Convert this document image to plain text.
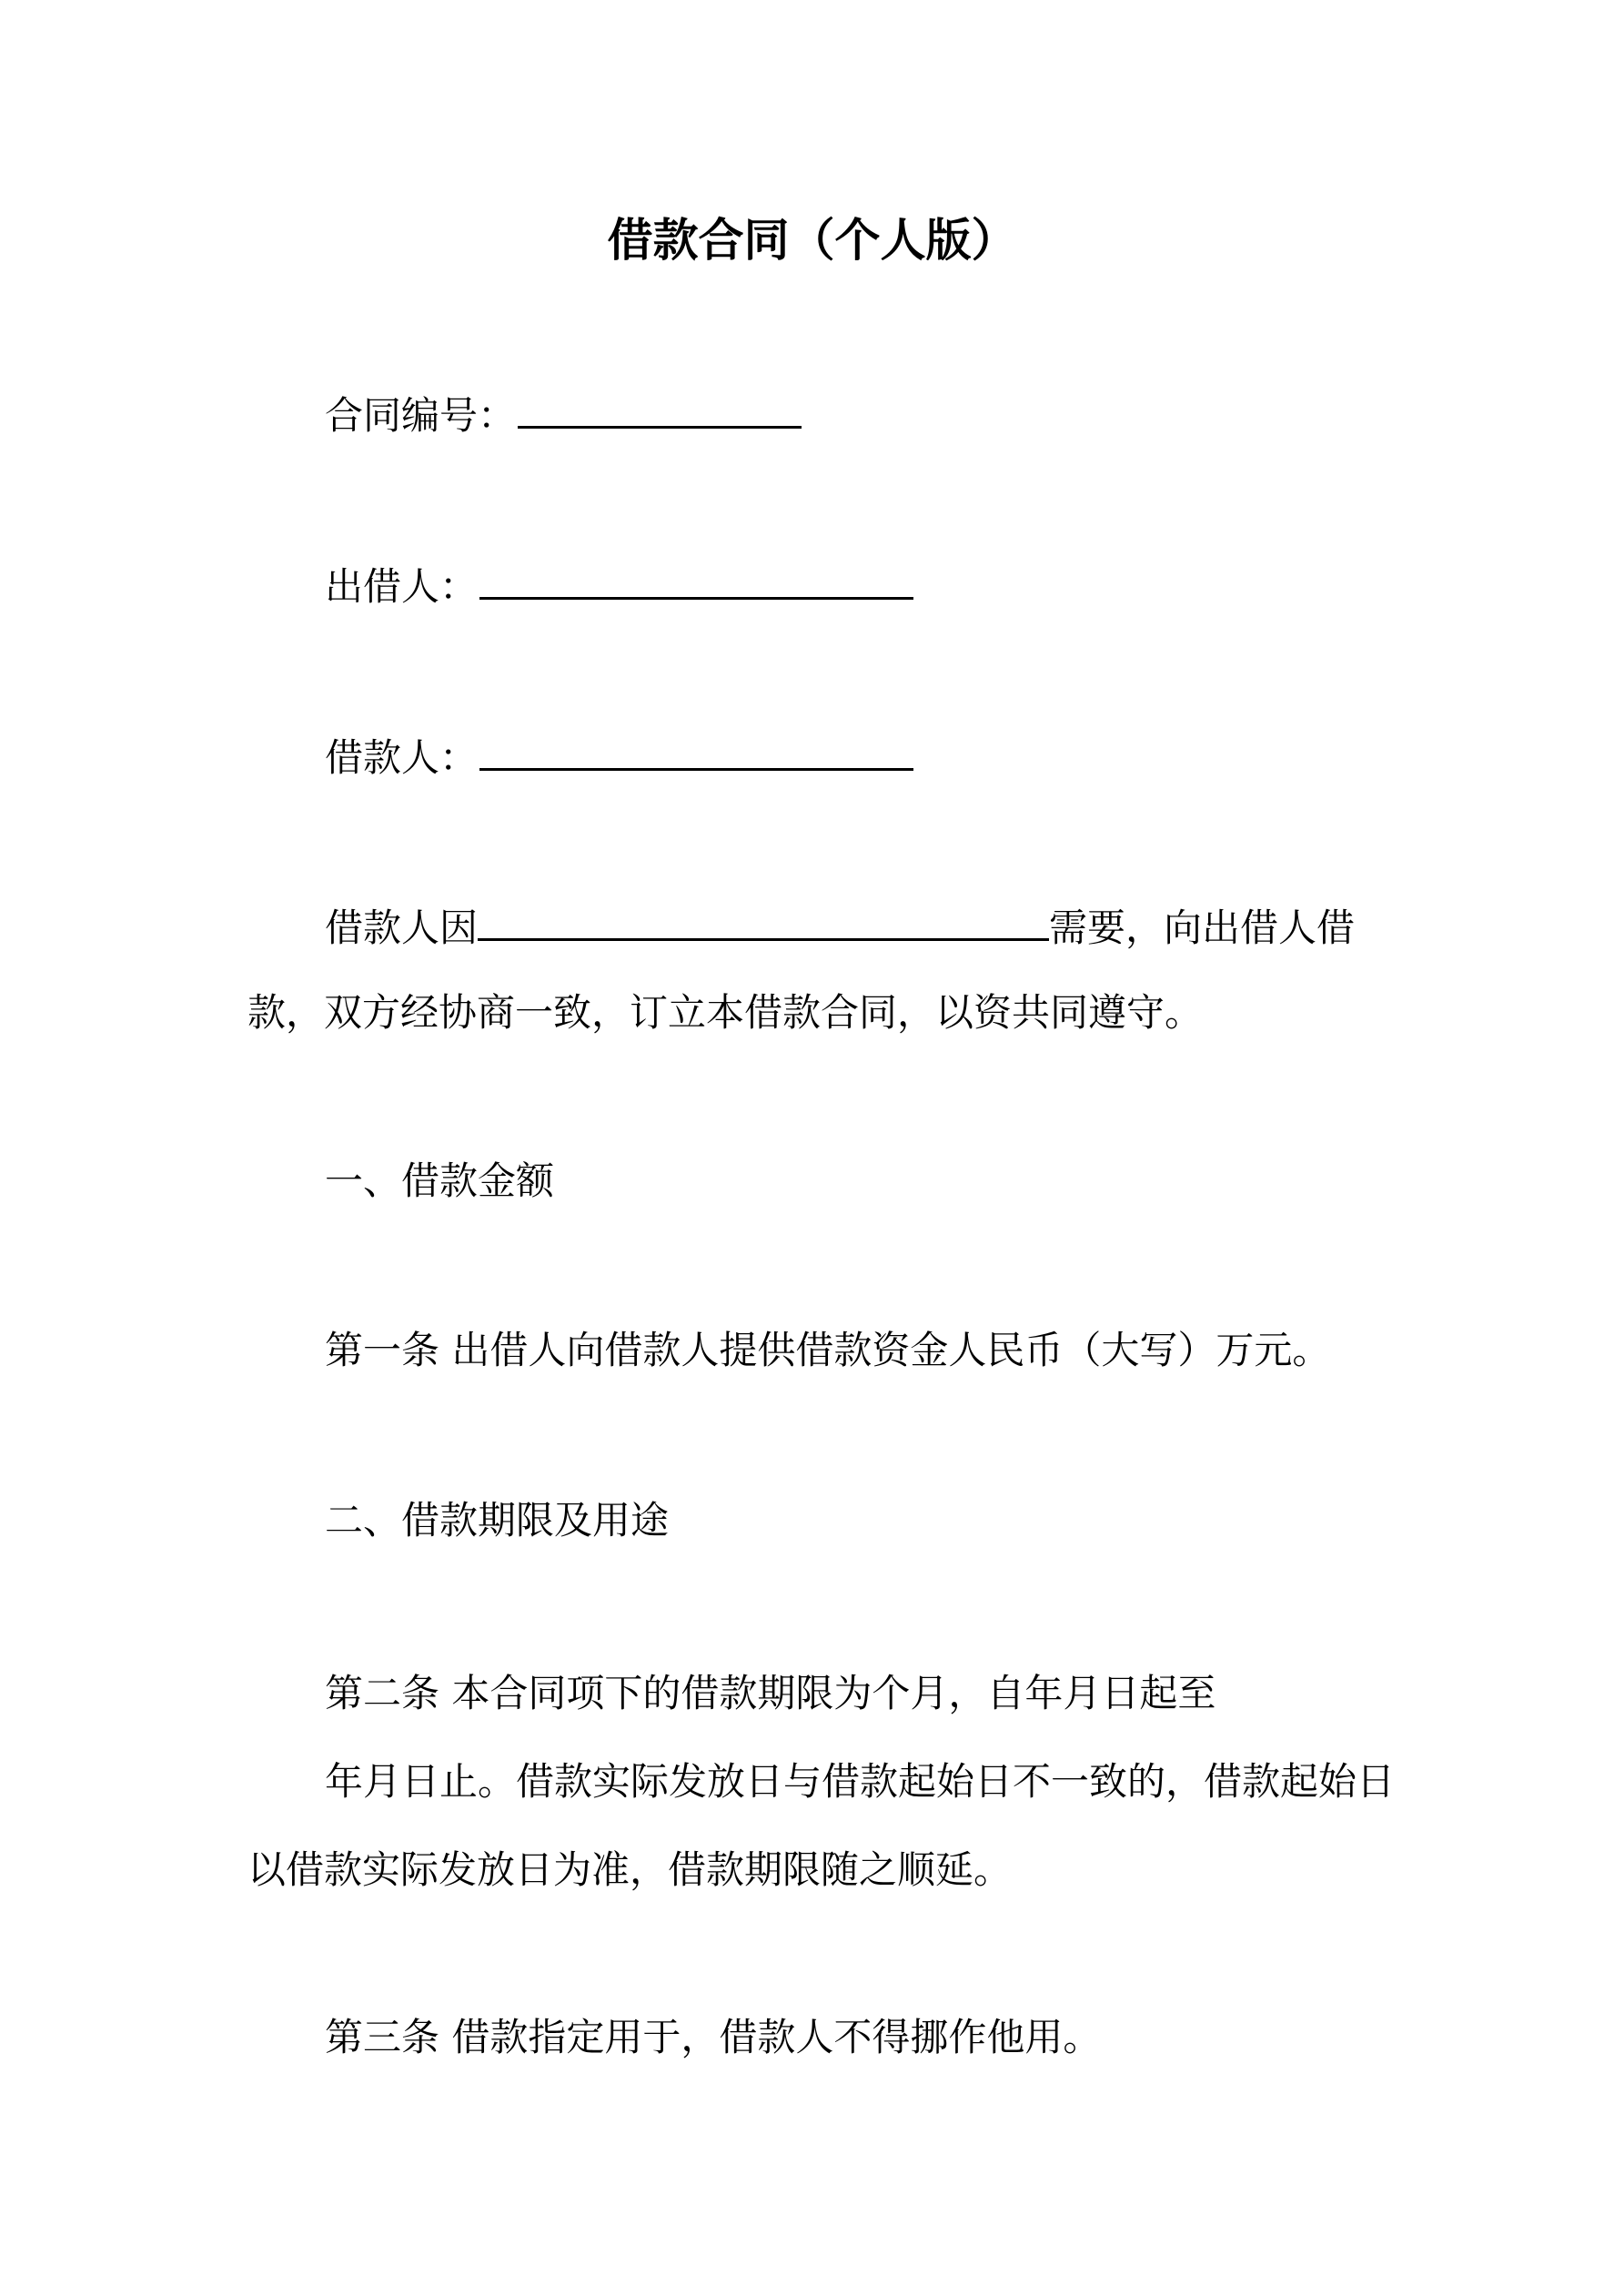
借款合同（个人版）
合同编号：
出借人：
借款人：
借款人因	需要，向出借人借
款，双方经协商一致，订立本借款合同，以资共同遵守。
一、借款金额
第一条 出借人向借款人提供借款资金人民币（大写）万元。
二、借款期限及用途
第二条 本合同项下的借款期限为个月，自年月日起至
年月日止。借款实际发放日与借款起始日不一致的，借款起始日
以借款实际发放日为准，借款期限随之顺延。
第三条 借款指定用于，借款人不得挪作他用。
